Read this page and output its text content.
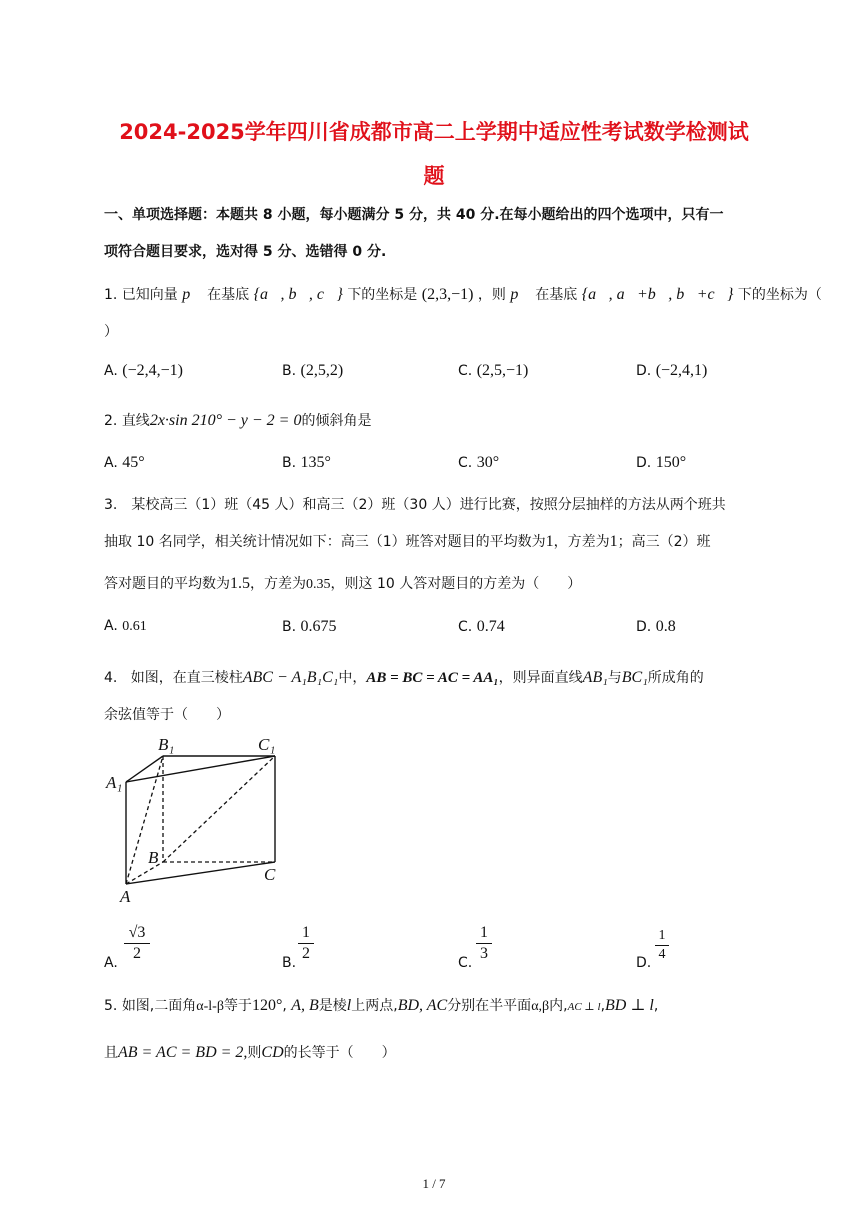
2024-2025学年四川省成都市高二上学期中适应性考试数学检测试
题
一、单项选择题：本题共 8 小题，每小题满分 5 分，共 40 分.在每小题给出的四个选项中，只有一
项符合题目要求，选对得 5 分、选错得 0 分.
1. 已知向量 p⃗ 在基底 {a⃗, b⃗, c⃗} 下的坐标是 (2,3,−1) ，则 p⃗ 在基底 {a⃗, a⃗+b⃗, b⃗+c⃗} 下的坐标为（
）
A. (−2,4,−1)	B. (2,5,2)	C. (2,5,−1)	D. (−2,4,1)
2. 直线2x·sin 210° − y − 2 = 0的倾斜角是
A. 45°	B. 135°	C. 30°	D. 150°
3.　某校高三（1）班（45 人）和高三（2）班（30 人）进行比赛，按照分层抽样的方法从两个班共
抽取 10 名同学，相关统计情况如下：高三（1）班答对题目的平均数为1，方差为1；高三（2）班
答对题目的平均数为1.5，方差为0.35，则这 10 人答对题目的方差为（　　）
A. 0.61	B. 0.675	C. 0.74	D. 0.8
4. 如图，在直三棱柱ABC − A₁B₁C₁中，AB = BC = AC = AA₁，则异面直线AB₁与BC₁所成角的
余弦值等于（　　）
B₁	C₁
A₁
B
C
A
A.
√3
2
B.
1
2
C.
1
3
D.
1
4
5. 如图,二面角α-l-β等于120°, A, B是棱l上两点,BD, AC分别在半平面α,β内,AC ⊥ l,BD ⊥ l,
且AB = AC = BD = 2,则CD的长等于（　　）
1 / 7
